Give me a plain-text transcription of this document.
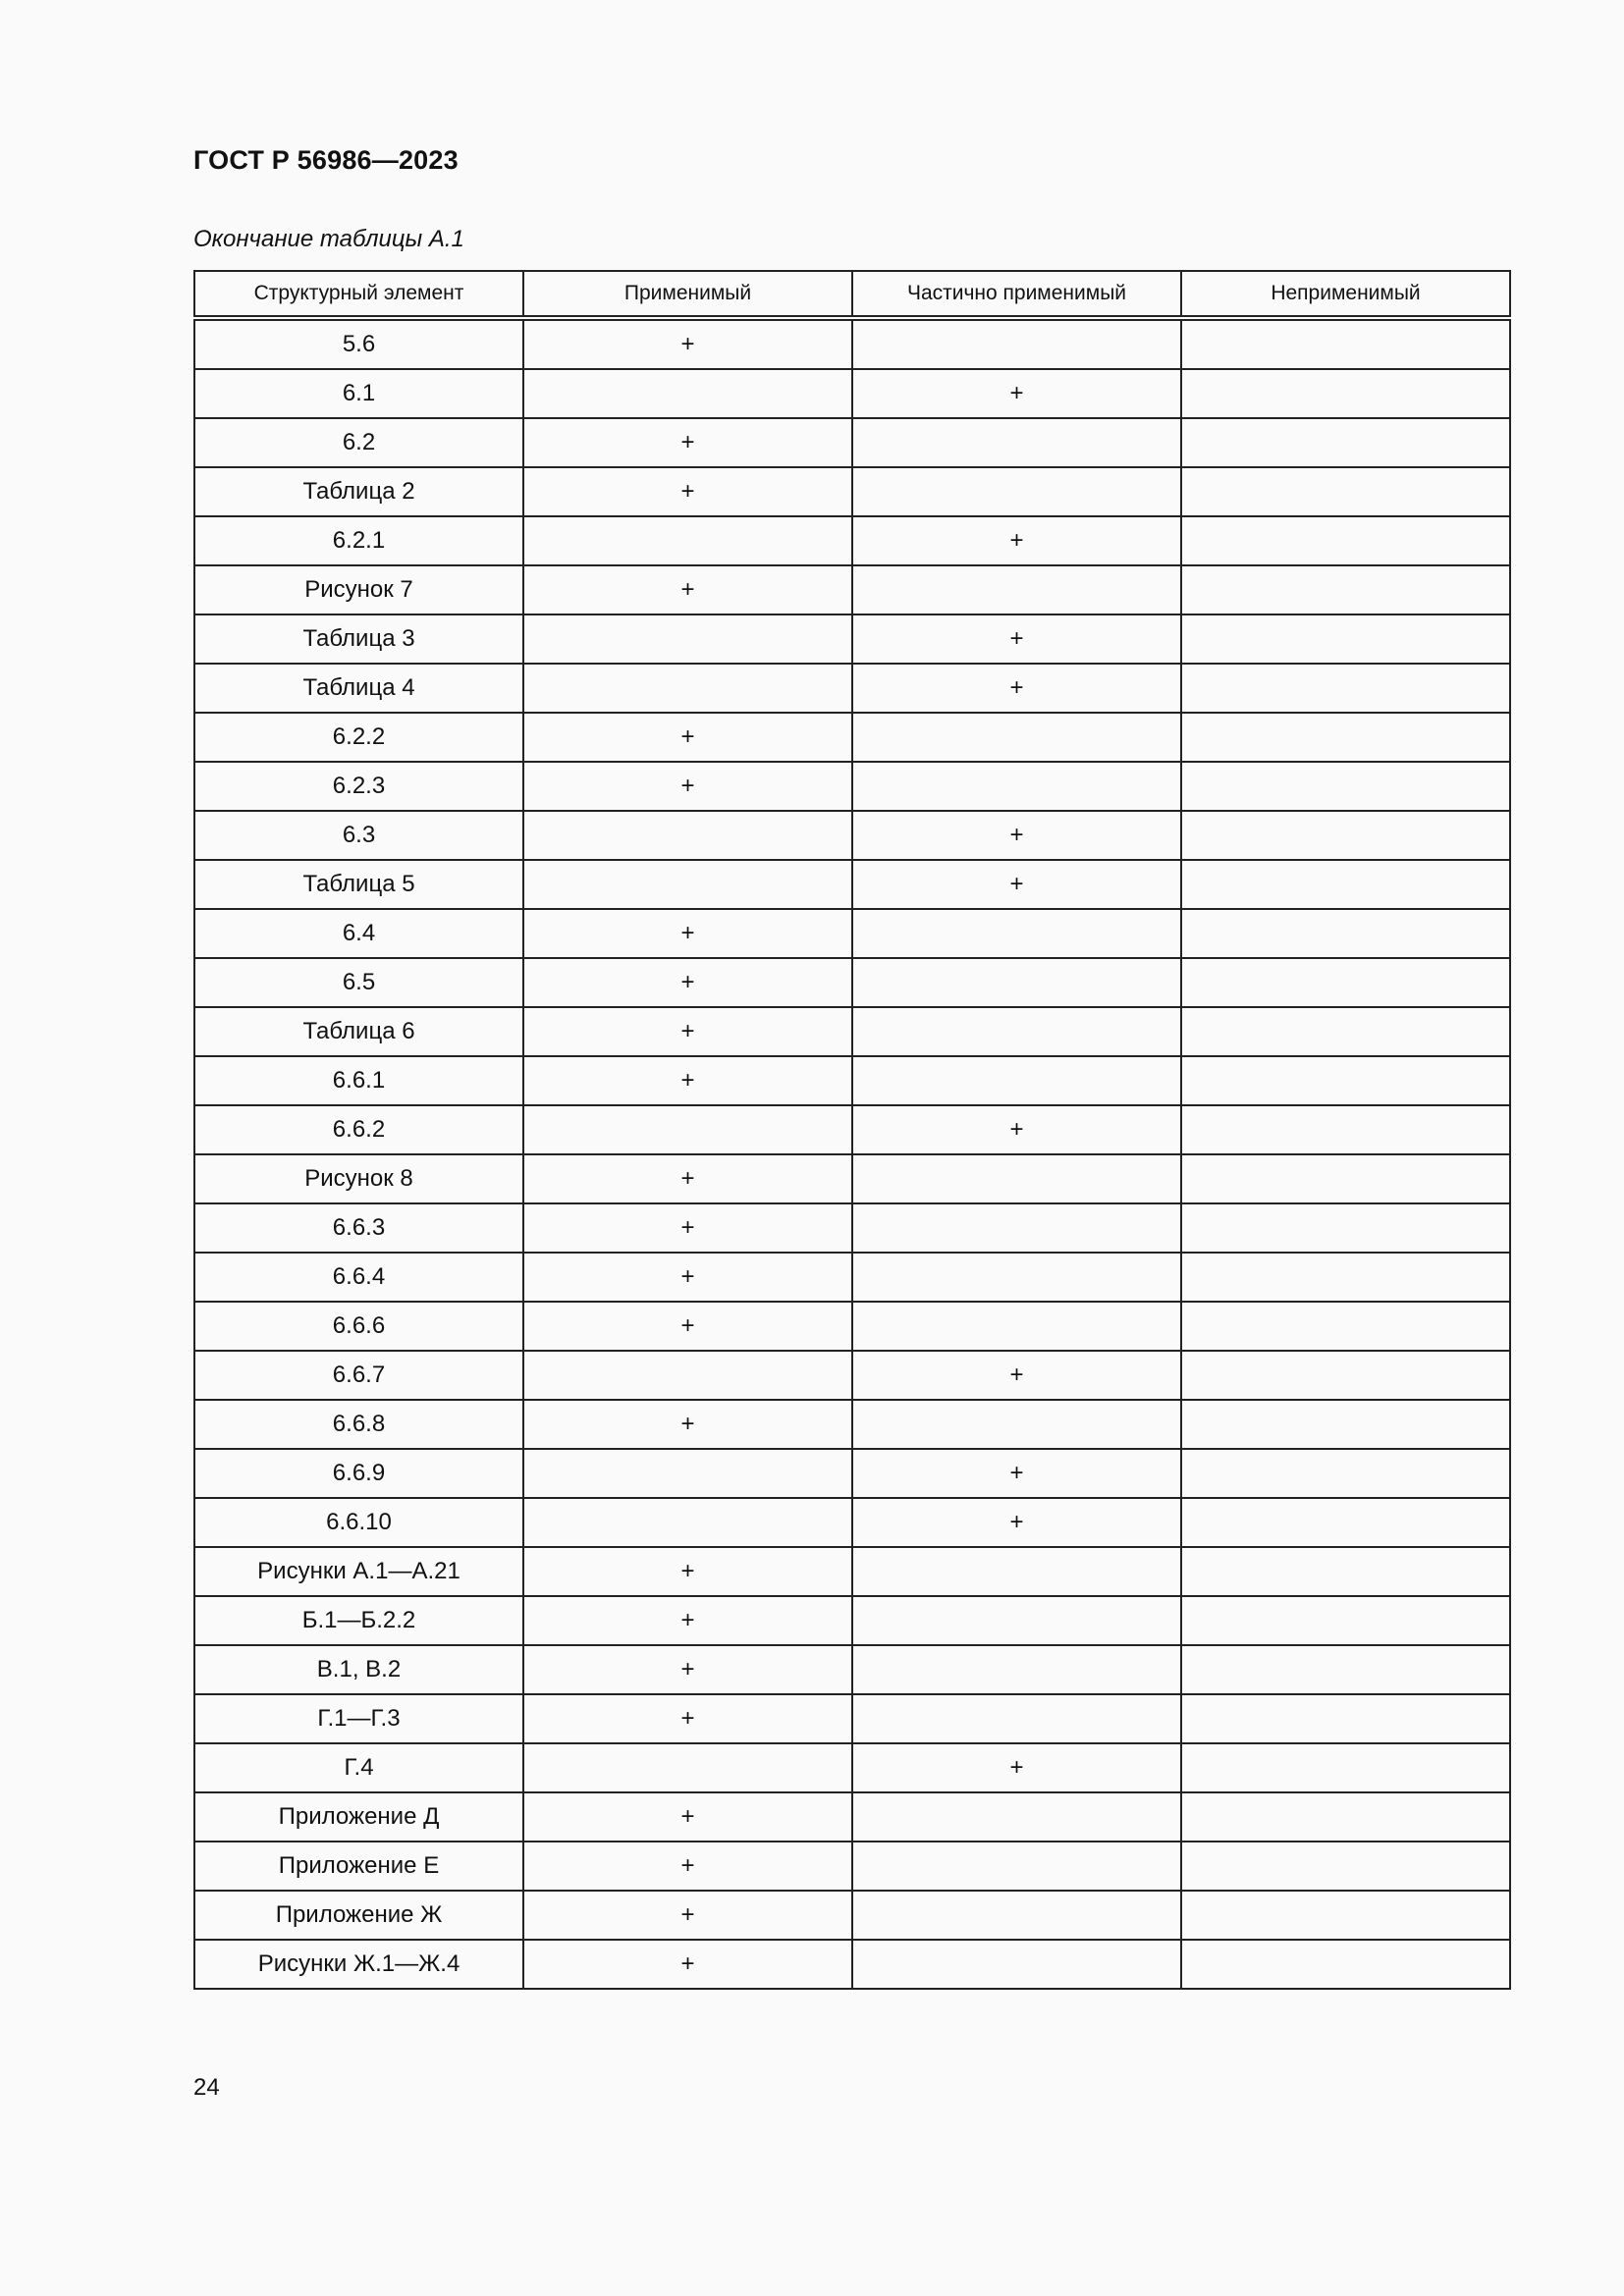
ГОСТ Р 56986—2023
Окончание таблицы А.1
Структурный элемент	Применимый	Частично применимый	Неприменимый
5.6	+		
6.1		+	
6.2	+		
Таблица 2	+		
6.2.1		+	
Рисунок 7	+		
Таблица 3		+	
Таблица 4		+	
6.2.2	+		
6.2.3	+		
6.3		+	
Таблица 5		+	
6.4	+		
6.5	+		
Таблица 6	+		
6.6.1	+		
6.6.2		+	
Рисунок 8	+		
6.6.3	+		
6.6.4	+		
6.6.6	+		
6.6.7		+	
6.6.8	+		
6.6.9		+	
6.6.10		+	
Рисунки А.1—А.21	+		
Б.1—Б.2.2	+		
В.1, В.2	+		
Г.1—Г.3	+		
Г.4		+	
Приложение Д	+		
Приложение Е	+		
Приложение Ж	+		
Рисунки Ж.1—Ж.4	+		
24
